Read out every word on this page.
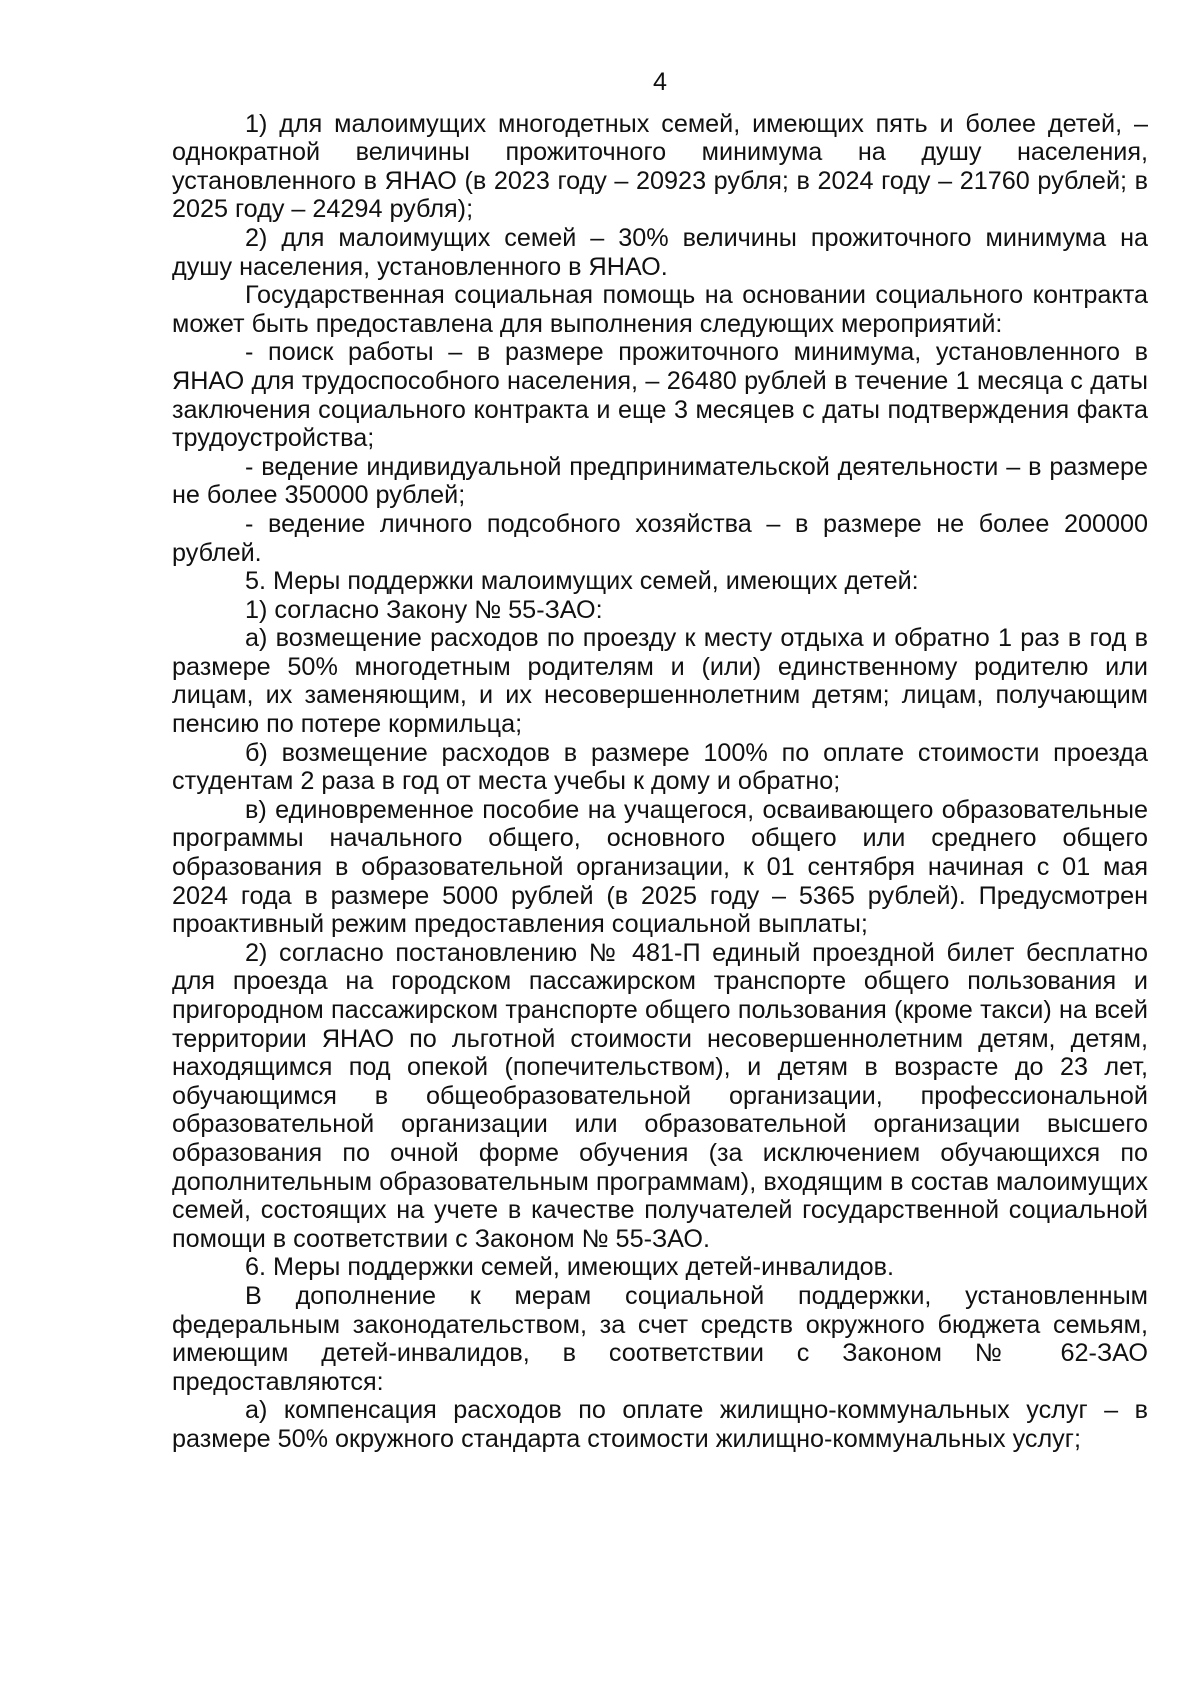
4

1) для малоимущих многодетных семей, имеющих пять и более детей, – однократной величины прожиточного минимума на душу населения, установленного в ЯНАО (в 2023 году – 20923 рубля; в 2024 году – 21760 рублей; в 2025 году – 24294 рубля);

2) для малоимущих семей – 30% величины прожиточного минимума на душу населения, установленного в ЯНАО.

Государственная социальная помощь на основании социального контракта может быть предоставлена для выполнения следующих мероприятий:

- поиск работы – в размере прожиточного минимума, установленного в ЯНАО для трудоспособного населения, – 26480 рублей в течение 1 месяца с даты заключения социального контракта и еще 3 месяцев с даты подтверждения факта трудоустройства;

- ведение индивидуальной предпринимательской деятельности – в размере не более 350000 рублей;

- ведение личного подсобного хозяйства – в размере не более 200000 рублей.

5. Меры поддержки малоимущих семей, имеющих детей:

1) согласно Закону № 55-ЗАО:

а) возмещение расходов по проезду к месту отдыха и обратно 1 раз в год в размере 50% многодетным родителям и (или) единственному родителю или лицам, их заменяющим, и их несовершеннолетним детям; лицам, получающим пенсию по потере кормильца;

б) возмещение расходов в размере 100% по оплате стоимости проезда студентам 2 раза в год от места учебы к дому и обратно;

в) единовременное пособие на учащегося, осваивающего образовательные программы начального общего, основного общего или среднего общего образования в образовательной организации, к 01 сентября начиная с 01 мая 2024 года в размере 5000 рублей (в 2025 году – 5365 рублей). Предусмотрен проактивный режим предоставления социальной выплаты;

2) согласно постановлению № 481-П единый проездной билет бесплатно для проезда на городском пассажирском транспорте общего пользования и пригородном пассажирском транспорте общего пользования (кроме такси) на всей территории ЯНАО по льготной стоимости несовершеннолетним детям, детям, находящимся под опекой (попечительством), и детям в возрасте до 23 лет, обучающимся в общеобразовательной организации, профессиональной образовательной организации или образовательной организации высшего образования по очной форме обучения (за исключением обучающихся по дополнительным образовательным программам), входящим в состав малоимущих семей, состоящих на учете в качестве получателей государственной социальной помощи в соответствии с Законом № 55-ЗАО.

6. Меры поддержки семей, имеющих детей-инвалидов.

В дополнение к мерам социальной поддержки, установленным федеральным законодательством, за счет средств окружного бюджета семьям, имеющим детей-инвалидов, в соответствии с Законом № 62-ЗАО предоставляются:

а) компенсация расходов по оплате жилищно-коммунальных услуг – в размере 50% окружного стандарта стоимости жилищно-коммунальных услуг;
